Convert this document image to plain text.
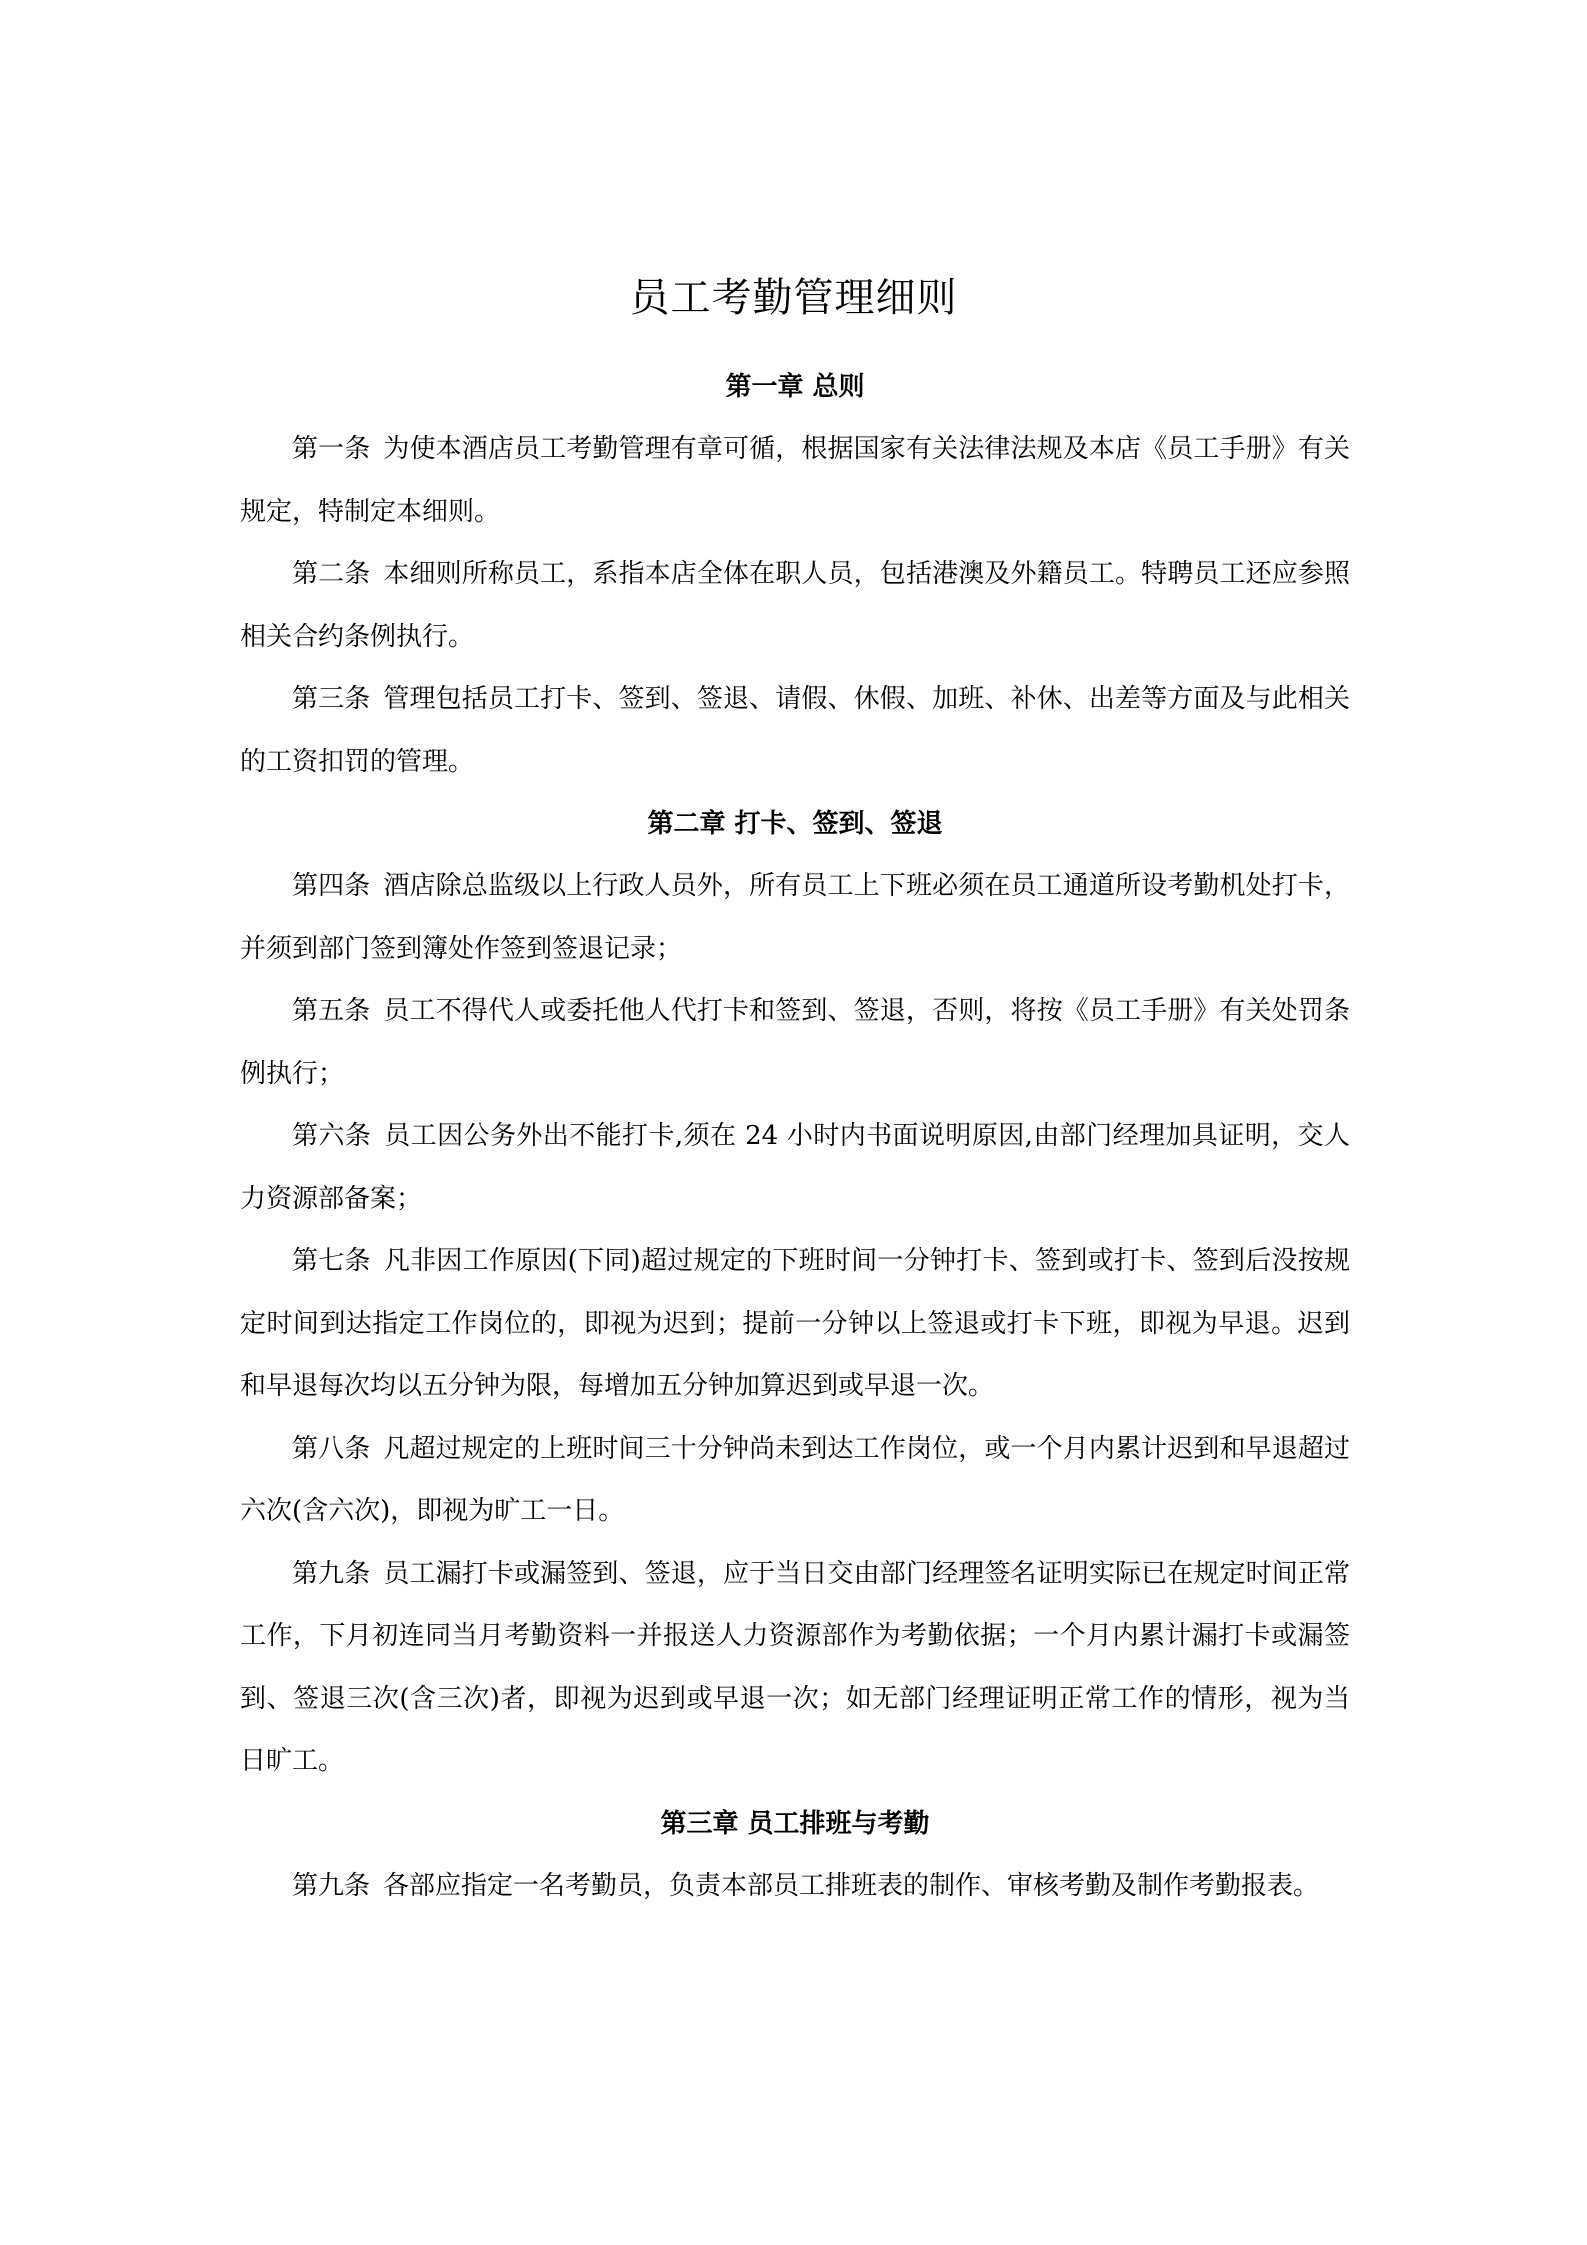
员工考勤管理细则
第一章 总则

第一条 为使本酒店员工考勤管理有章可循，根据国家有关法律法规及本店《员工手册》有关规定，特制定本细则。

第二条 本细则所称员工，系指本店全体在职人员，包括港澳及外籍员工。特聘员工还应参照相关合约条例执行。

第三条 管理包括员工打卡、签到、签退、请假、休假、加班、补休、出差等方面及与此相关的工资扣罚的管理。

第二章 打卡、签到、签退

第四条 酒店除总监级以上行政人员外，所有员工上下班必须在员工通道所设考勤机处打卡，并须到部门签到簿处作签到签退记录；

第五条 员工不得代人或委托他人代打卡和签到、签退，否则，将按《员工手册》有关处罚条例执行；

第六条 员工因公务外出不能打卡,须在 24 小时内书面说明原因,由部门经理加具证明，交人力资源部备案；

第七条 凡非因工作原因(下同)超过规定的下班时间一分钟打卡、签到或打卡、签到后没按规定时间到达指定工作岗位的，即视为迟到；提前一分钟以上签退或打卡下班，即视为早退。迟到和早退每次均以五分钟为限，每增加五分钟加算迟到或早退一次。

第八条 凡超过规定的上班时间三十分钟尚未到达工作岗位，或一个月内累计迟到和早退超过六次(含六次)，即视为旷工一日。

第九条 员工漏打卡或漏签到、签退，应于当日交由部门经理签名证明实际已在规定时间正常工作，下月初连同当月考勤资料一并报送人力资源部作为考勤依据；一个月内累计漏打卡或漏签到、签退三次(含三次)者，即视为迟到或早退一次；如无部门经理证明正常工作的情形，视为当日旷工。

第三章 员工排班与考勤

第九条 各部应指定一名考勤员，负责本部员工排班表的制作、审核考勤及制作考勤报表。
